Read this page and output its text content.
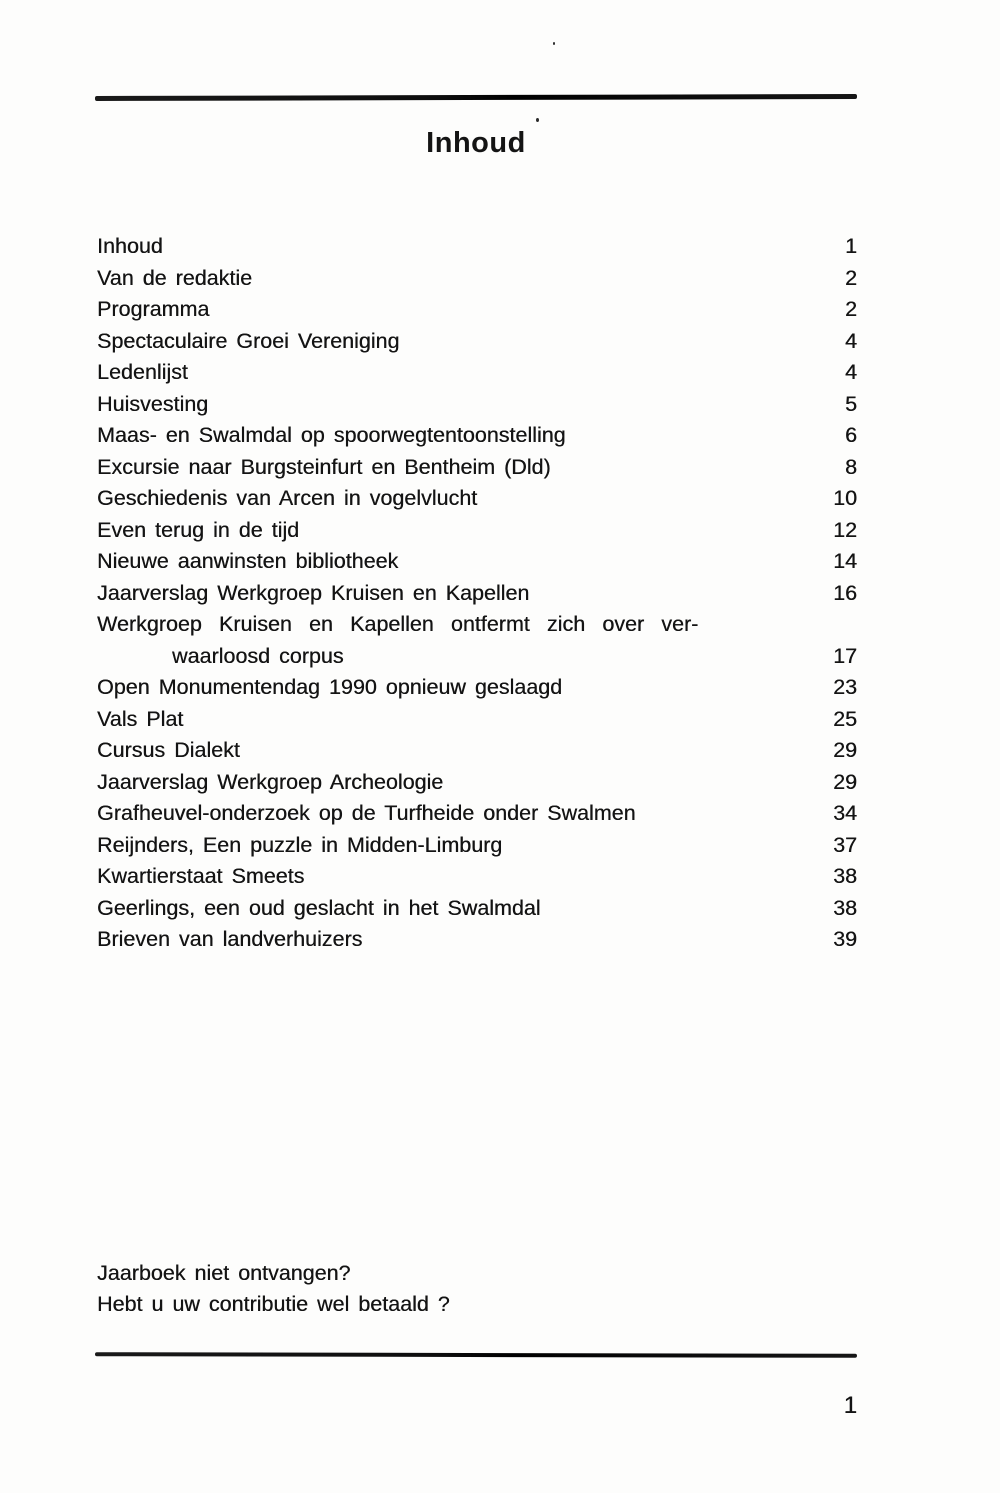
Inhoud
Inhoud	1
Van de redaktie	2
Programma	2
Spectaculaire Groei Vereniging	4
Ledenlijst	4
Huisvesting	5
Maas- en Swalmdal op spoorwegtentoonstelling	6
Excursie naar Burgsteinfurt en Bentheim (Dld)	8
Geschiedenis van Arcen in vogelvlucht	10
Even terug in de tijd	12
Nieuwe aanwinsten bibliotheek	14
Jaarverslag Werkgroep Kruisen en Kapellen	16
Werkgroep Kruisen en Kapellen ontfermt zich over ver-
waarloosd corpus	17
Open Monumentendag 1990 opnieuw geslaagd	23
Vals Plat	25
Cursus Dialekt	29
Jaarverslag Werkgroep Archeologie	29
Grafheuvel-onderzoek op de Turfheide onder Swalmen	34
Reijnders, Een puzzle in Midden-Limburg	37
Kwartierstaat Smeets	38
Geerlings, een oud geslacht in het Swalmdal	38
Brieven van landverhuizers	39
Jaarboek niet ontvangen?
Hebt u uw contributie wel betaald ?
1
